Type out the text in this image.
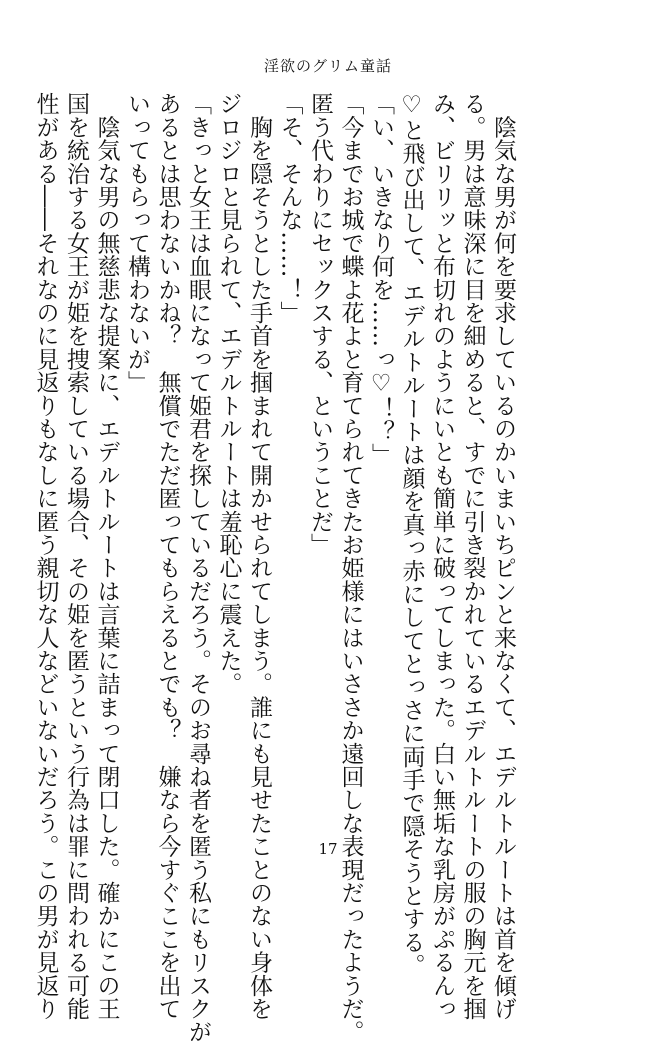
淫欲のグリム童話

　陰気な男が何を要求しているのかいまいちピンと来なくて、エデルトルートは首を傾げ

る。男は意味深に目を細めると、すでに引き裂かれているエデルトルートの服の胸元を掴

み、ビリリッと布切れのようにいとも簡単に破ってしまった。白い無垢な乳房がぷるんっ

♡と飛び出して、エデルトルートは顔を真っ赤にしてとっさに両手で隠そうとする。

「い、いきなり何を……っ♡！？」

「今までお城で蝶よ花よと育てられてきたお姫様にはいささか遠回しな表現だったようだ。

匿う代わりにセックスする、ということだ」

「そ、そんな……！」

　胸を隠そうとした手首を掴まれて開かせられてしまう。誰にも見せたことのない身体を

ジロジロと見られて、エデルトルートは羞恥心に震えた。

「きっと女王は血眼になって姫君を探しているだろう。そのお尋ね者を匿う私にもリスクが

あるとは思わないかね？　無償でただ匿ってもらえるとでも？　嫌なら今すぐここを出て

いってもらって構わないが」

　陰気な男の無慈悲な提案に、エデルトルートは言葉に詰まって閉口した。確かにこの王

国を統治する女王が姫を捜索している場合、その姫を匿うという行為は罪に問われる可能

性がある――それなのに見返りもなしに匿う親切な人などいないだろう。この男が見返り	17
